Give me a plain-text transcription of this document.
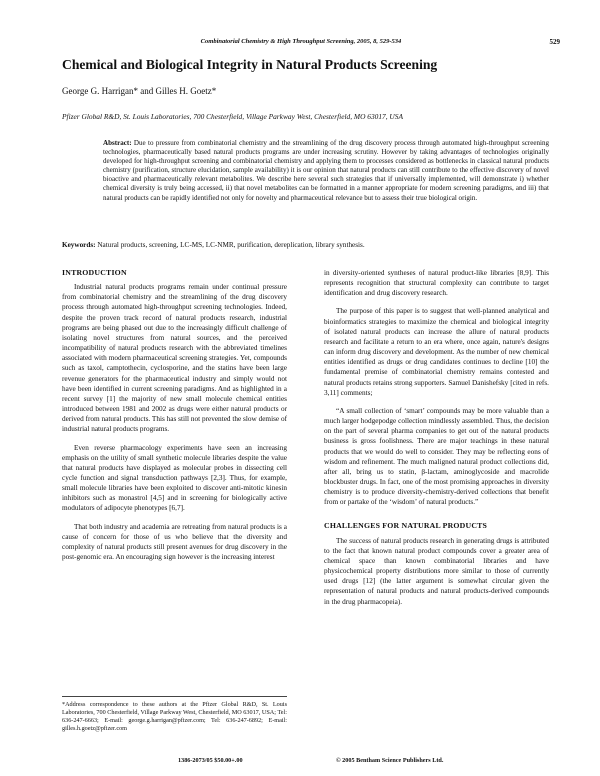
Combinatorial Chemistry & High Throughput Screening, 2005, 8, 529-534	529
Chemical and Biological Integrity in Natural Products Screening
George G. Harrigan* and Gilles H. Goetz*
Pfizer Global R&D, St. Louis Laboratories, 700 Chesterfield, Village Parkway West, Chesterfield, MO 63017, USA
Abstract: Due to pressure from combinatorial chemistry and the streamlining of the drug discovery process through automated high-throughput screening technologies, pharmaceutically based natural products programs are under increasing scrutiny. However by taking advantages of technologies originally developed for high-throughput screening and combinatorial chemistry and applying them to processes considered as bottlenecks in classical natural products chemistry (purification, structure elucidation, sample availability) it is our opinion that natural products can still contribute to the effective discovery of novel bioactive and pharmaceutically relevant metabolites. We describe here several such strategies that if universally implemented, will demonstrate i) whether chemical diversity is truly being accessed, ii) that novel metabolites can be formatted in a manner appropriate for modern screening paradigms, and iii) that natural products can be rapidly identified not only for novelty and pharmaceutical relevance but to assess their true biological origin.
Keywords: Natural products, screening, LC-MS, LC-NMR, purification, dereplication, library synthesis.
INTRODUCTION

Industrial natural products programs remain under continual pressure from combinatorial chemistry and the streamlining of the drug discovery process through automated high-throughput screening technologies. Indeed, despite the proven track record of natural products research, industrial programs are being phased out due to the increasingly difficult challenge of isolating novel structures from natural sources, and the perceived incompatibility of natural products research with the abbreviated timelines associated with modern pharmaceutical screening strategies. Yet, compounds such as taxol, camptothecin, cyclosporine, and the statins have been large revenue generators for the pharmaceutical industry and simply would not have been identified in current screening paradigms. And as highlighted in a recent survey [1] the majority of new small molecule chemical entities introduced between 1981 and 2002 as drugs were either natural products or derived from natural products. This has still not prevented the slow demise of industrial natural products programs.

Even reverse pharmacology experiments have seen an increasing emphasis on the utility of small synthetic molecule libraries despite the value that natural products have displayed as molecular probes in dissecting cell cycle function and signal transduction pathways [2,3]. Thus, for example, small molecule libraries have been exploited to discover anti-mitotic kinesin inhibitors such as monastrol [4,5] and in screening for biologically active modulators of adipocyte phenotypes [6,7].

That both industry and academia are retreating from natural products is a cause of concern for those of us who believe that the diversity and complexity of natural products still present avenues for drug discovery in the post-genomic era. An encouraging sign however is the increasing interest

in diversity-oriented syntheses of natural product-like libraries [8,9]. This represents recognition that structural complexity can contribute to target identification and drug discovery research.

The purpose of this paper is to suggest that well-planned analytical and bioinformatics strategies to maximize the chemical and biological integrity of isolated natural products can increase the allure of natural products research and facilitate a return to an era where, once again, nature's designs can inform drug discovery and development. As the number of new chemical entities identified as drugs or drug candidates continues to decline [10] the fundamental premise of combinatorial chemistry remains contested and natural products retains strong supporters. Samuel Danishefsky [cited in refs. 3,11] comments;

“A small collection of ‘smart’ compounds may be more valuable than a much larger hodgepodge collection mindlessly assembled. Thus, the decision on the part of several pharma companies to get out of the natural products business is gross foolishness. There are major teachings in these natural products that we would do well to consider. They may be reflecting eons of wisdom and refinement. The much maligned natural product collections did, after all, bring us to statin, β-lactam, aminoglycoside and macrolide blockbuster drugs. In fact, one of the most promising approaches in diversity chemistry is to produce diversity-chemistry-derived collections that benefit from or partake of the ‘wisdom’ of natural products.”

CHALLENGES FOR NATURAL PRODUCTS

The success of natural products research in generating drugs is attributed to the fact that known natural product compounds cover a greater area of chemical space than known combinatorial libraries and have physicochemical property distributions more similar to those of currently used drugs [12] (the latter argument is somewhat circular given the representation of natural products and natural products-derived compounds in the drug pharmacopeia).

*Address correspondence to these authors at the Pfizer Global R&D, St. Louis Laboratories, 700 Chesterfield, Village Parkway West, Chesterfield, MO 63017, USA; Tel: 636-247-6663; E-mail: george.g.harrigan@pfizer.com; Tel: 636-247-6892; E-mail: gilles.h.goetz@pfizer.com
1386-2073/05 $50.00+.00	© 2005 Bentham Science Publishers Ltd.
